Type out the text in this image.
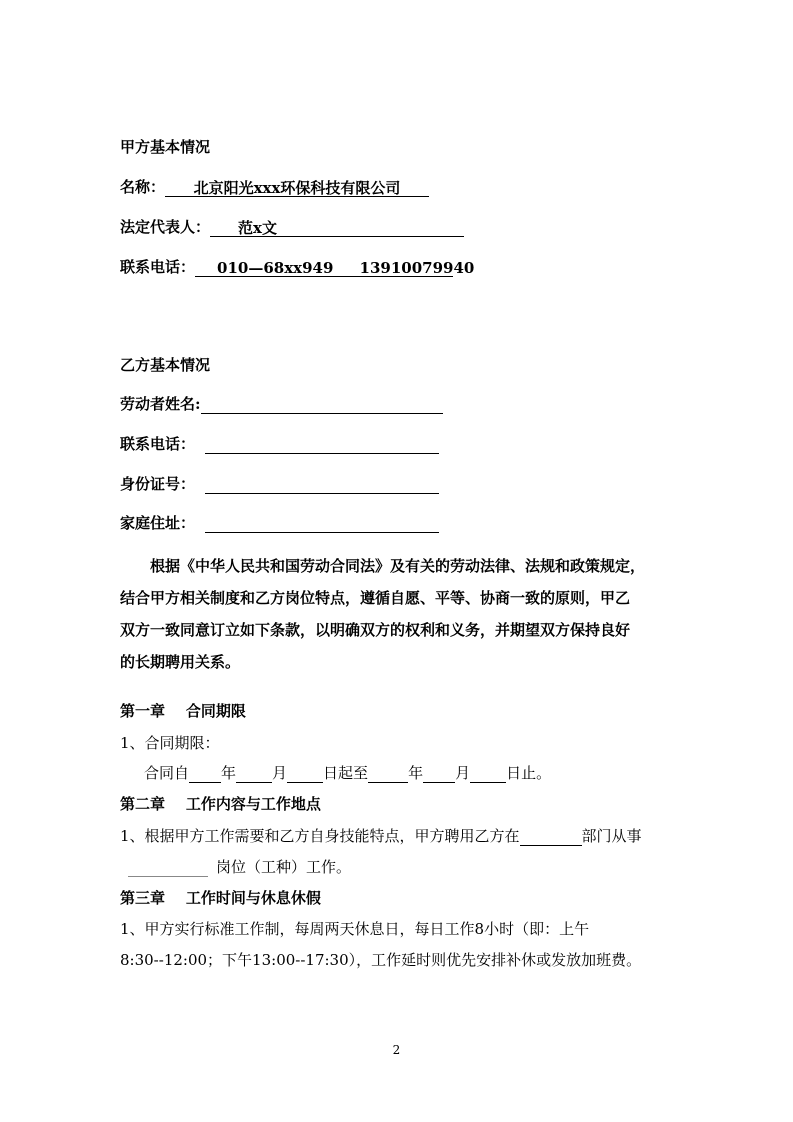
甲方基本情况
名称： 北京阳光xxx环保科技有限公司
法定代表人： 范x文
联系电话： 010—68xx949     13910079940
乙方基本情况
劳动者姓名:
联系电话：
身份证号：
家庭住址：

根据《中华人民共和国劳动合同法》及有关的劳动法律、法规和政策规定，

结合甲方相关制度和乙方岗位特点，遵循自愿、平等、协商一致的原则，甲乙

双方一致同意订立如下条款，以明确双方的权利和义务，并期望双方保持良好

的长期聘用关系。

第一章    合同期限
1、合同期限：
合同自 年 月 日起至	年 月 日止。
第二章    工作内容与工作地点
1、根据甲方工作需要和乙方自身技能特点，甲方聘用乙方在	部门从事
岗位（工种）工作。
第三章    工作时间与休息休假
1、甲方实行标准工作制，每周两天休息日，每日工作8小时（即：上午
8:30--12:00；下午13:00--17:30），工作延时则优先安排补休或发放加班费。
2
